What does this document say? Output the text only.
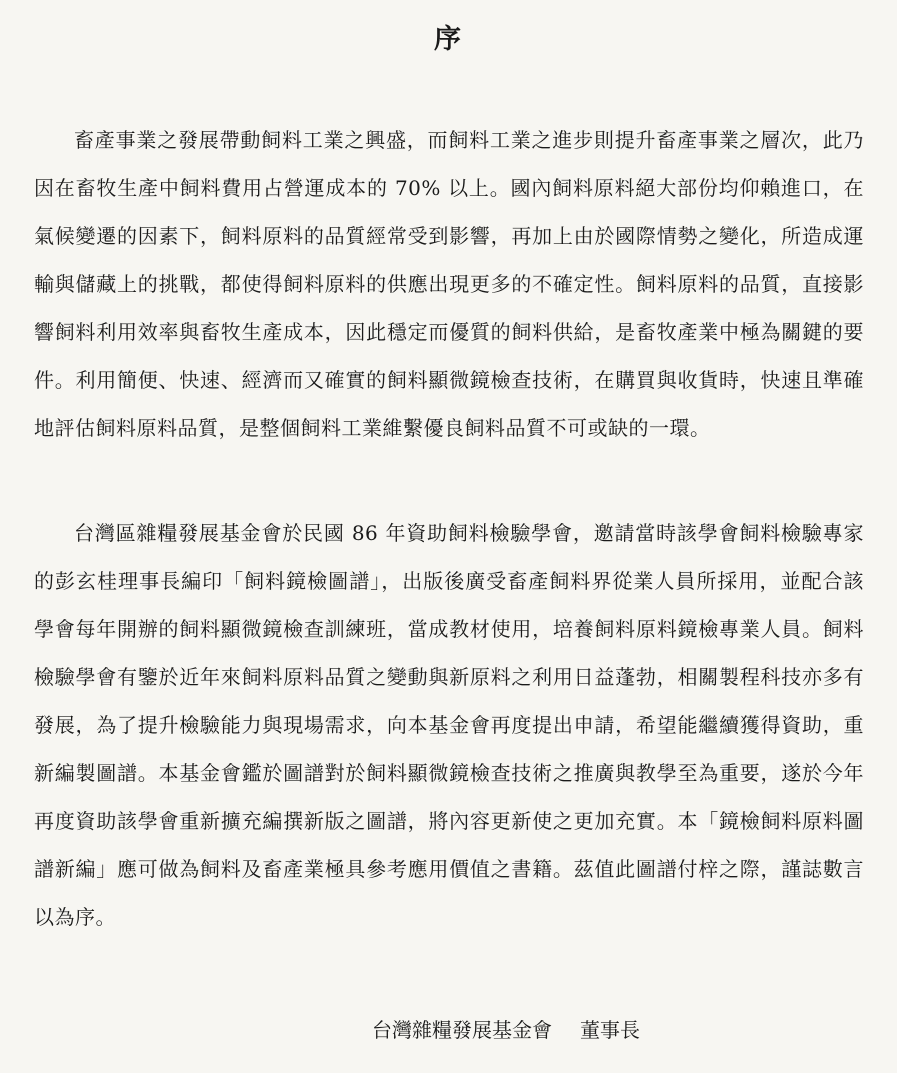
序

畜產事業之發展帶動飼料工業之興盛，而飼料工業之進步則提升畜產事業之層次，此乃因在畜牧生產中飼料費用占營運成本的 70% 以上。國內飼料原料絕大部份均仰賴進口，在氣候變遷的因素下，飼料原料的品質經常受到影響，再加上由於國際情勢之變化，所造成運輸與儲藏上的挑戰，都使得飼料原料的供應出現更多的不確定性。飼料原料的品質，直接影響飼料利用效率與畜牧生產成本，因此穩定而優質的飼料供給，是畜牧產業中極為關鍵的要件。利用簡便、快速、經濟而又確實的飼料顯微鏡檢查技術，在購買與收貨時，快速且準確地評估飼料原料品質，是整個飼料工業維繫優良飼料品質不可或缺的一環。

台灣區雜糧發展基金會於民國 86 年資助飼料檢驗學會，邀請當時該學會飼料檢驗專家的彭玄桂理事長編印「飼料鏡檢圖譜」，出版後廣受畜產飼料界從業人員所採用，並配合該學會每年開辦的飼料顯微鏡檢查訓練班，當成教材使用，培養飼料原料鏡檢專業人員。飼料檢驗學會有鑒於近年來飼料原料品質之變動與新原料之利用日益蓬勃，相關製程科技亦多有發展，為了提升檢驗能力與現場需求，向本基金會再度提出申請，希望能繼續獲得資助，重新編製圖譜。本基金會鑑於圖譜對於飼料顯微鏡檢查技術之推廣與教學至為重要，遂於今年再度資助該學會重新擴充編撰新版之圖譜，將內容更新使之更加充實。本「鏡檢飼料原料圖譜新編」應可做為飼料及畜產業極具參考應用價值之書籍。茲值此圖譜付梓之際，謹誌數言以為序。

台灣雜糧發展基金會 董事長
